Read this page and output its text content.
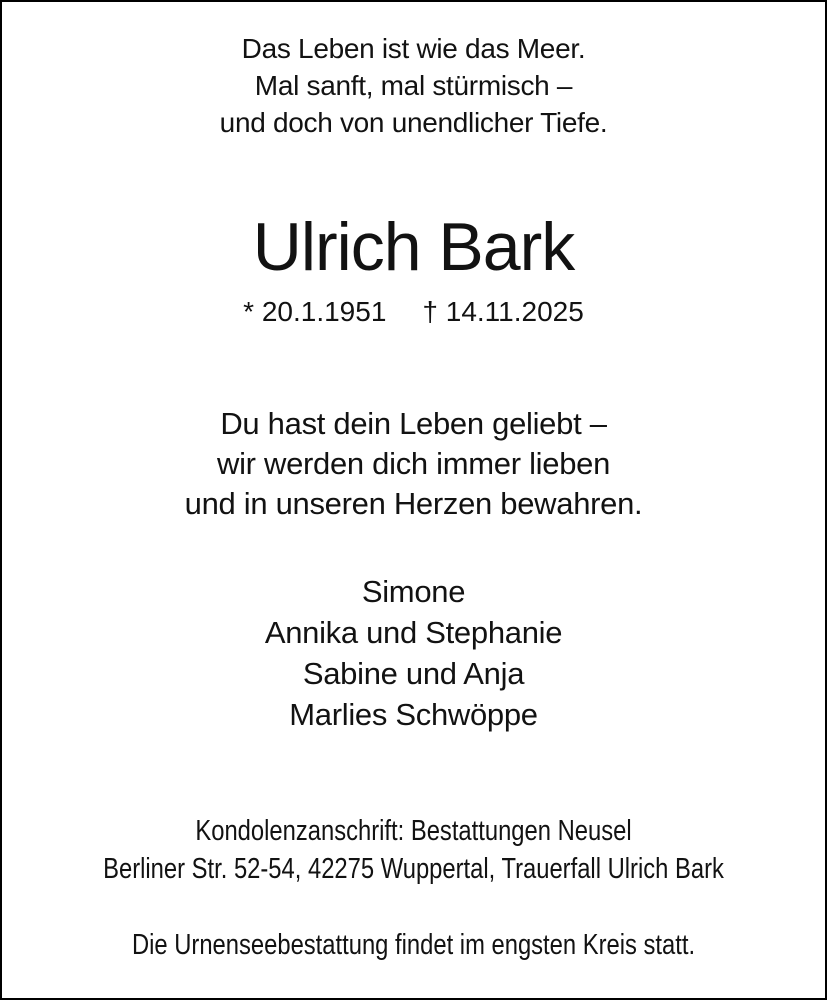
Das Leben ist wie das Meer.
Mal sanft, mal stürmisch –
und doch von unendlicher Tiefe.
Ulrich Bark
* 20.1.1951 † 14.11.2025
Du hast dein Leben geliebt –
wir werden dich immer lieben
und in unseren Herzen bewahren.
Simone
Annika und Stephanie
Sabine und Anja
Marlies Schwöppe
Kondolenzanschrift: Bestattungen Neusel
Berliner Str. 52-54, 42275 Wuppertal, Trauerfall Ulrich Bark
Die Urnenseebestattung findet im engsten Kreis statt.
